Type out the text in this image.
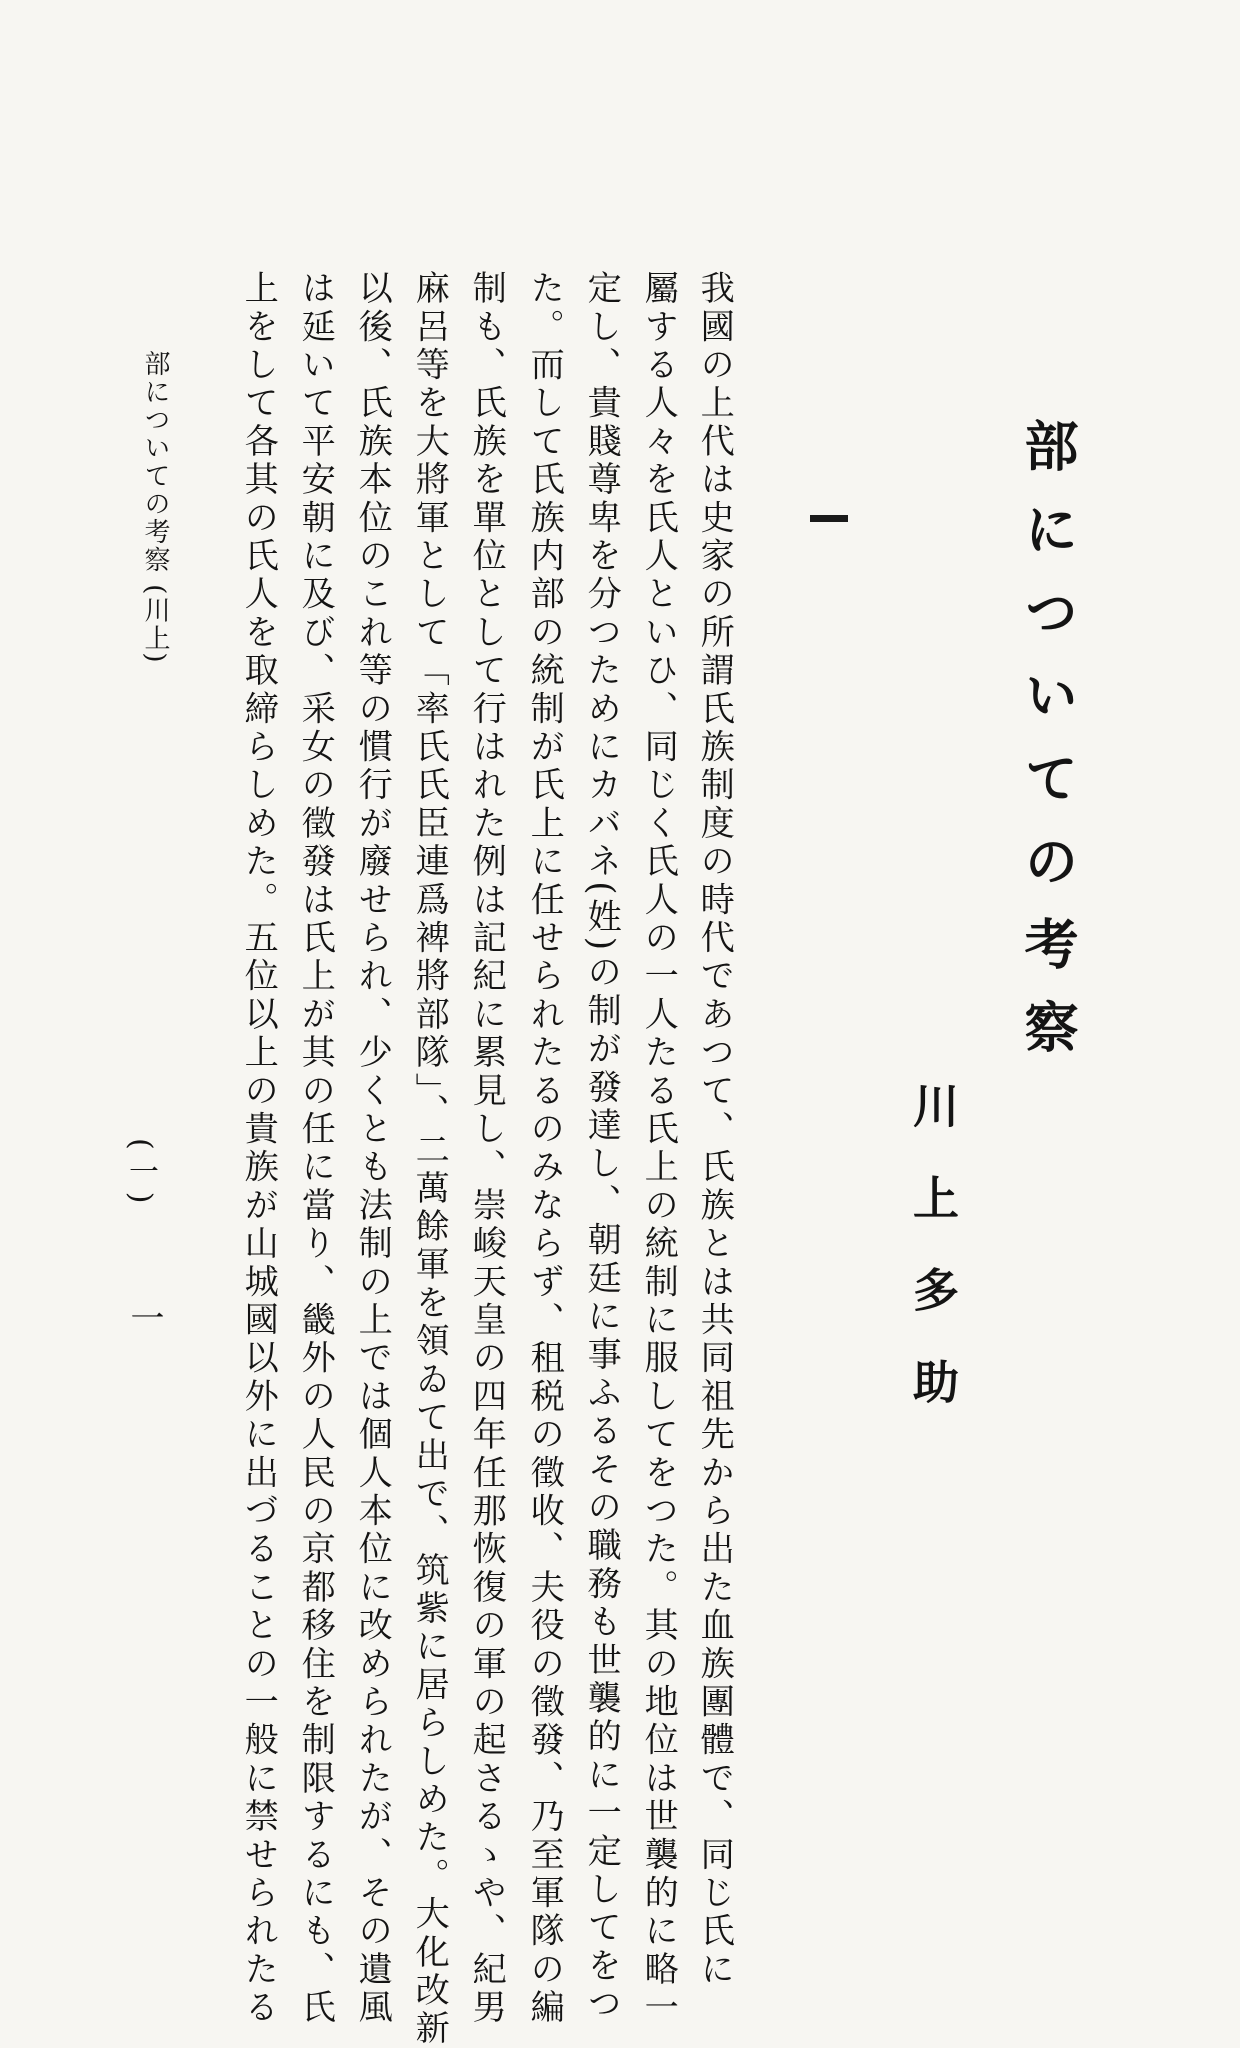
部についての考察
川上多助
我國の上代は史家の所謂氏族制度の時代であつて、氏族とは共同祖先から出た血族團體で、同じ氏に
屬する人々を氏人といひ、同じく氏人の一人たる氏上の統制に服してをつた。其の地位は世襲的に略一
定し、貴賤尊卑を分つためにカバネ(姓)の制が發達し、朝廷に事ふるその職務も世襲的に一定してをつ
た。而して氏族内部の統制が氏上に任せられたるのみならず、租税の徵收、夫役の徵發、乃至軍隊の編
制も、氏族を單位として行はれた例は記紀に累見し、崇峻天皇の四年任那恢復の軍の起さるゝや、紀男
麻呂等を大將軍として「率氏氏臣連爲裨將部隊」、二萬餘軍を領ゐて出で、筑紫に居らしめた。大化改新
以後、氏族本位のこれ等の慣行が廢せられ、少くとも法制の上では個人本位に改められたが、その遺風
は延いて平安朝に及び、采女の徵發は氏上が其の任に當り、畿外の人民の京都移住を制限するにも、氏
上をして各其の氏人を取締らしめた。五位以上の貴族が山城國以外に出づることの一般に禁せられたる
部についての考察 (川上)
(一)
一
